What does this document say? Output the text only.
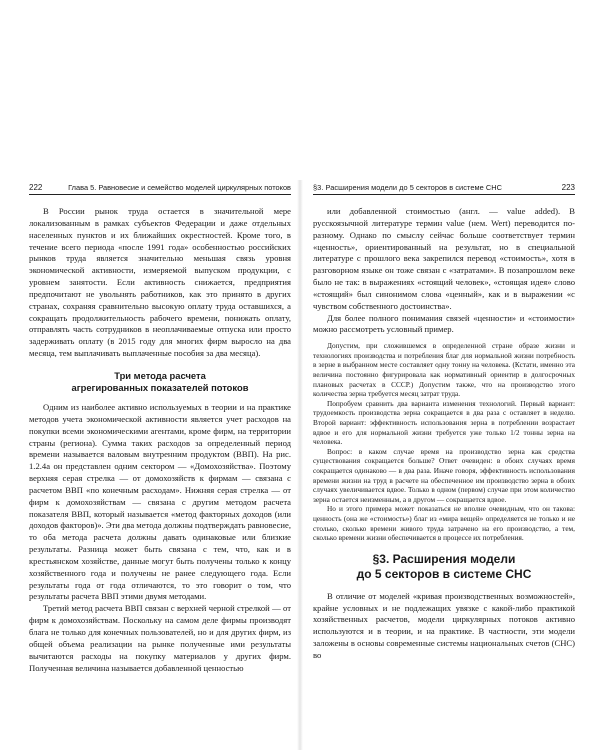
222	Глава 5. Равновесие и семейство моделей циркулярных потоков

В России рынок труда остается в значительной мере локализованным в рамках субъектов Федерации и даже отдельных населенных пунктов и их ближайших окрестностей. Кроме того, в течение всего периода «после 1991 года» особенностью российских рынков труда является значительно меньшая связь уровня экономической активности, измеряемой выпуском продукции, с уровнем занятости. Если активность снижается, предприятия предпочитают не увольнять работников, как это принято в других странах, сохраняя сравнительно высокую оплату труда оставшихся, а сокращать продолжительность рабочего времени, понижать оплату, отправлять часть сотрудников в неоплачиваемые отпуска или просто задерживать оплату (в 2015 году для многих фирм выросло на два месяца, тем выплачивать выплаченные пособия за два месяца).

Три метода расчета
агрегированных показателей потоков

Одним из наиболее активно используемых в теории и на практике методов учета экономической активности является учет расходов на покупки всеми экономическими агентами, кроме фирм, на территории страны (региона). Сумма таких расходов за определенный период времени называется валовым внутренним продуктом (ВВП). На рис. 1.2.4а он представлен одним сектором — «Домохозяйства». Поэтому верхняя серая стрелка — от домохозяйств к фирмам — связана с расчетом ВВП «по конечным расходам». Нижняя серая стрелка — от фирм к домохозяйствам — связана с другим методом расчета показателя ВВП, который называется «метод факторных доходов (или доходов факторов)». Эти два метода должны подтверждать равновесие, то оба метода расчета должны давать одинаковые или близкие результаты. Разница может быть связана с тем, что, как и в крестьянском хозяйстве, данные могут быть получены только к концу хозяйственного года и получены не ранее следующего года. Если результаты года от года отличаются, то это говорит о том, что результаты расчета ВВП этими двумя методами.

Третий метод расчета ВВП связан с верхней черной стрелкой — от фирм к домохозяйствам. Поскольку на самом деле фирмы производят блага не только для конечных пользователей, но и для других фирм, из общей объема реализации на рынке полученные ими результаты вычитаются расходы на покупку материалов у других фирм. Полученная величина называется добавленной ценностью

§3. Расширения модели до 5 секторов в системе СНС	223

или добавленной стоимостью (англ. — value added). В русскоязычной литературе термин value (нем. Wert) переводится по-разному. Однако по смыслу сейчас больше соответствует термин «ценность», ориентированный на результат, но в специальной литературе с прошлого века закрепился перевод «стоимость», хотя в разговорном языке он тоже связан с «затратами». В позапрошлом веке было не так: в выражениях «стоящий человек», «стоящая идея» слово «стоящий» был синонимом слова «ценный», как и в выражении «с чувством собственного достоинства».

Для более полного понимания связей «ценности» и «стоимости» можно рассмотреть условный пример.

Допустим, при сложившемся в определенной стране образе жизни и технологиях производства и потребления благ для нормальной жизни потребность в зерне в выбранном месте составляет одну тонну на человека. (Кстати, именно эта величина постоянно фигурировала как нормативный ориентир в долгосрочных плановых расчетах в СССР.) Допустим также, что на производство этого количества зерна требуется месяц затрат труда.

Попробуем сравнить два варианта изменения технологий. Первый вариант: трудоемкость производства зерна сокращается в два раза с оставляет в неделю. Второй вариант: эффективность использования зерна в потреблении возрастает вдвое и его для нормальной жизни требуется уже только 1/2 тонны зерна на человека.

Вопрос: в каком случае время на производство зерна как средства существования сокращается больше? Ответ очевиден: в обоих случаях время сокращается одинаково — в два раза. Иначе говоря, эффективность использования времени жизни на труд в расчете на обеспеченное им производство зерна в обоих случаях увеличивается вдвое. Только в одном (первом) случае при этом количество зерна остается неизменным, а в другом — сокращается вдвое.

Но и этого примера может показаться не вполне очевидным, что он такова: ценность (она же «стоимость») благ из «мира вещей» определяется не только и не столько, сколько времени живого труда затрачено на его производство, а тем, сколько времени жизни обеспечивается в процессе их потребления.

§3. Расширения модели
до 5 секторов в системе СНС

В отличие от моделей «кривая производственных возможностей», крайне условных и не подлежащих увязке с какой-либо практикой хозяйственных расчетов, модели циркулярных потоков активно используются и в теории, и на практике. В частности, эти модели заложены в основы современные системы национальных счетов (СНС) во
